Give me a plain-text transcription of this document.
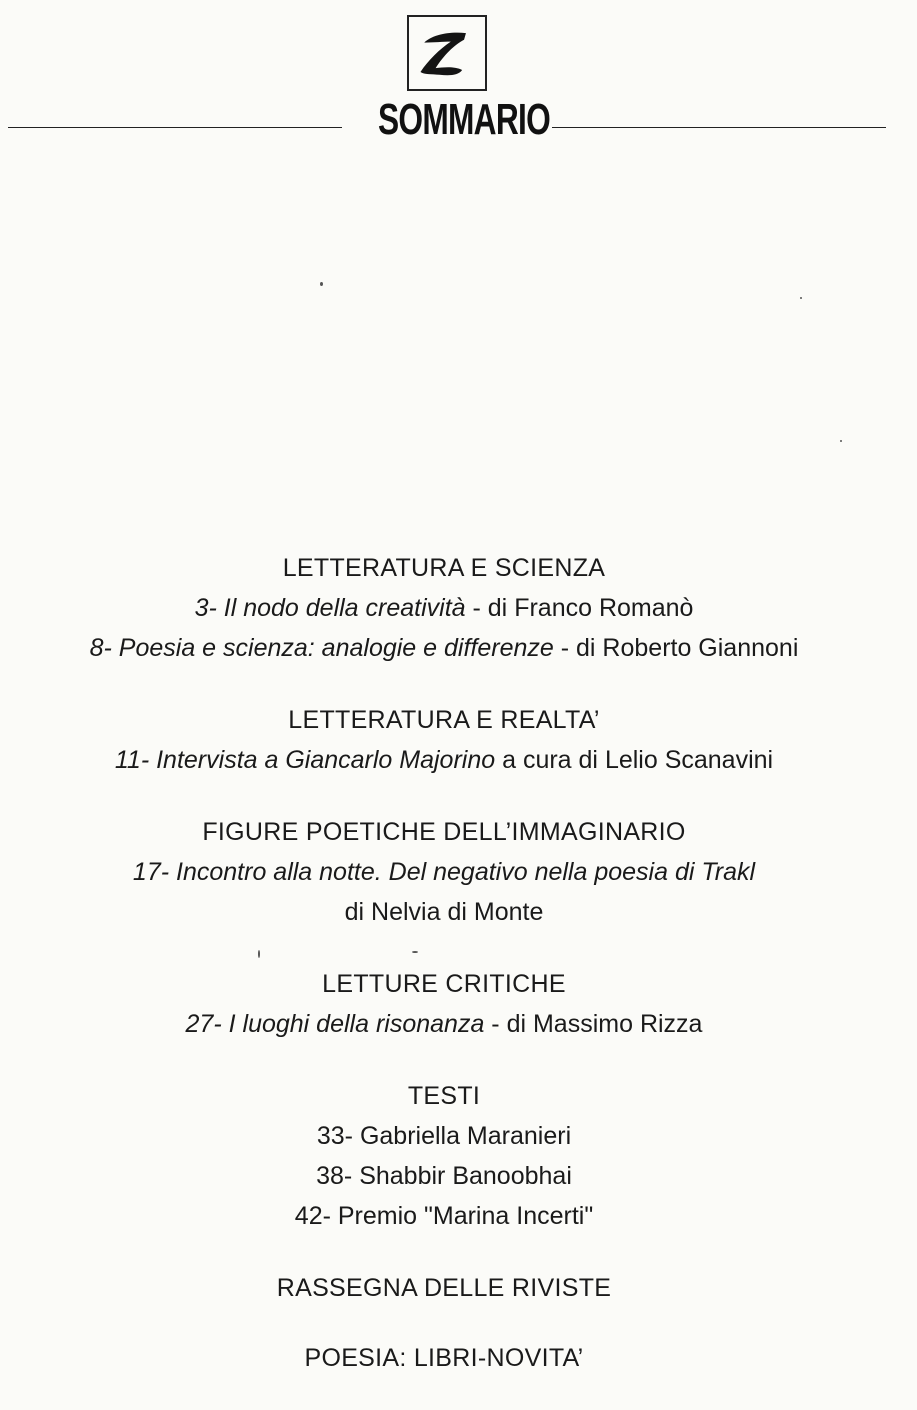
SOMMARIO
LETTERATURA E SCIENZA
3- Il nodo della creatività - di Franco Romanò
8- Poesia e scienza: analogie e differenze - di Roberto Giannoni
LETTERATURA E REALTA’
11- Intervista a Giancarlo Majorino a cura di Lelio Scanavini
FIGURE POETICHE DELL’IMMAGINARIO
17- Incontro alla notte. Del negativo nella poesia di Trakl
di Nelvia di Monte
LETTURE CRITICHE
27- I luoghi della risonanza - di Massimo Rizza
TESTI
33- Gabriella Maranieri
38- Shabbir Banoobhai
42- Premio "Marina Incerti"
RASSEGNA DELLE RIVISTE
POESIA: LIBRI-NOVITA’
